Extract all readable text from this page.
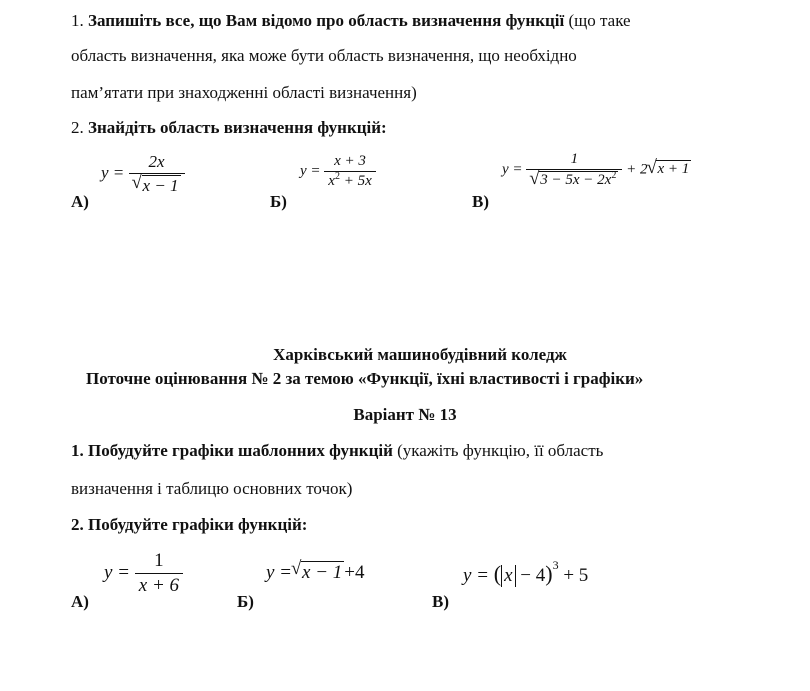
1. Запишіть все, що Вам відомо про область визначення функції (що таке
область визначення, яка може бути область визначення, що необхідно
пам’ятати при знаходженні області визначення)
2. Знайдіть область визначення функцій:
y = 2x
√ x − 1
А)
$y = \frac{x + 3}{x^2 + 5x}$
Б)
y = 1
√ $3 - 5x - 2x^2 + 2$ √ x + 1
В)
Харківський машинобудівний коледж
Поточне оцінювання № 2 за темою «Функції, їхні властивості і графіки»
Варіант № 13
1. Побудуйте графіки шаблонних функцій (укажіть функцію, її область
визначення і таблицю основних точок)
2. Побудуйте графіки функцій:
$y = \frac{1}{x + 6}$
А)
y = √ x − 1 +4
Б)
y = ( x − 4)$^3$ + 5
В)
